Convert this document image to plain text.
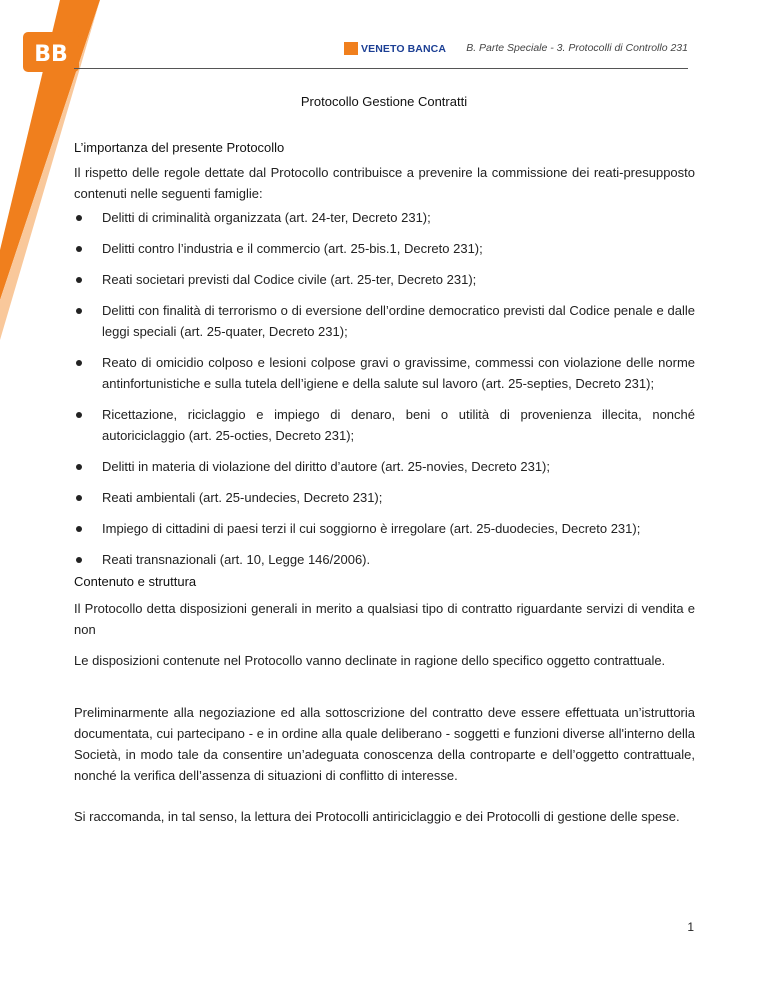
BB	VENETO BANCA B. Parte Speciale - 3. Protocolli di Controllo 231
Protocollo Gestione Contratti
L’importanza del presente Protocollo
Il rispetto delle regole dettate dal Protocollo contribuisce a prevenire la commissione dei reati-presupposto contenuti nelle seguenti famiglie:
Delitti di criminalità organizzata (art. 24-ter, Decreto 231);
Delitti contro l’industria e il commercio (art. 25-bis.1, Decreto 231);
Reati societari previsti dal Codice civile (art. 25-ter, Decreto 231);
Delitti con finalità di terrorismo o di eversione dell’ordine democratico previsti dal Codice penale e dalle leggi speciali (art. 25-quater, Decreto 231);
Reato di omicidio colposo e lesioni colpose gravi o gravissime, commessi con violazione delle norme antinfortunistiche e sulla tutela dell’igiene e della salute sul lavoro (art. 25-septies, Decreto 231);
Ricettazione, riciclaggio e impiego di denaro, beni o utilità di provenienza illecita, nonché autoriciclaggio (art. 25-octies, Decreto 231);
Delitti in materia di violazione del diritto d’autore (art. 25-novies, Decreto 231);
Reati ambientali (art. 25-undecies, Decreto 231);
Impiego di cittadini di paesi terzi il cui soggiorno è irregolare (art. 25-duodecies, Decreto 231);
Reati transnazionali (art. 10, Legge 146/2006).
Contenuto e struttura
Il Protocollo detta disposizioni generali in merito a qualsiasi tipo di contratto riguardante servizi di vendita e non
Le disposizioni contenute nel Protocollo vanno declinate in ragione dello specifico oggetto contrattuale.
Preliminarmente alla negoziazione ed alla sottoscrizione del contratto deve essere effettuata un’istruttoria documentata, cui partecipano - e in ordine alla quale deliberano - soggetti e funzioni diverse all'interno della Società, in modo tale da consentire un’adeguata conoscenza della controparte e dell’oggetto contrattuale, nonché la verifica dell’assenza di situazioni di conflitto di interesse.
Si raccomanda, in tal senso, la lettura dei Protocolli antiriciclaggio e dei Protocolli di gestione delle spese.
1
